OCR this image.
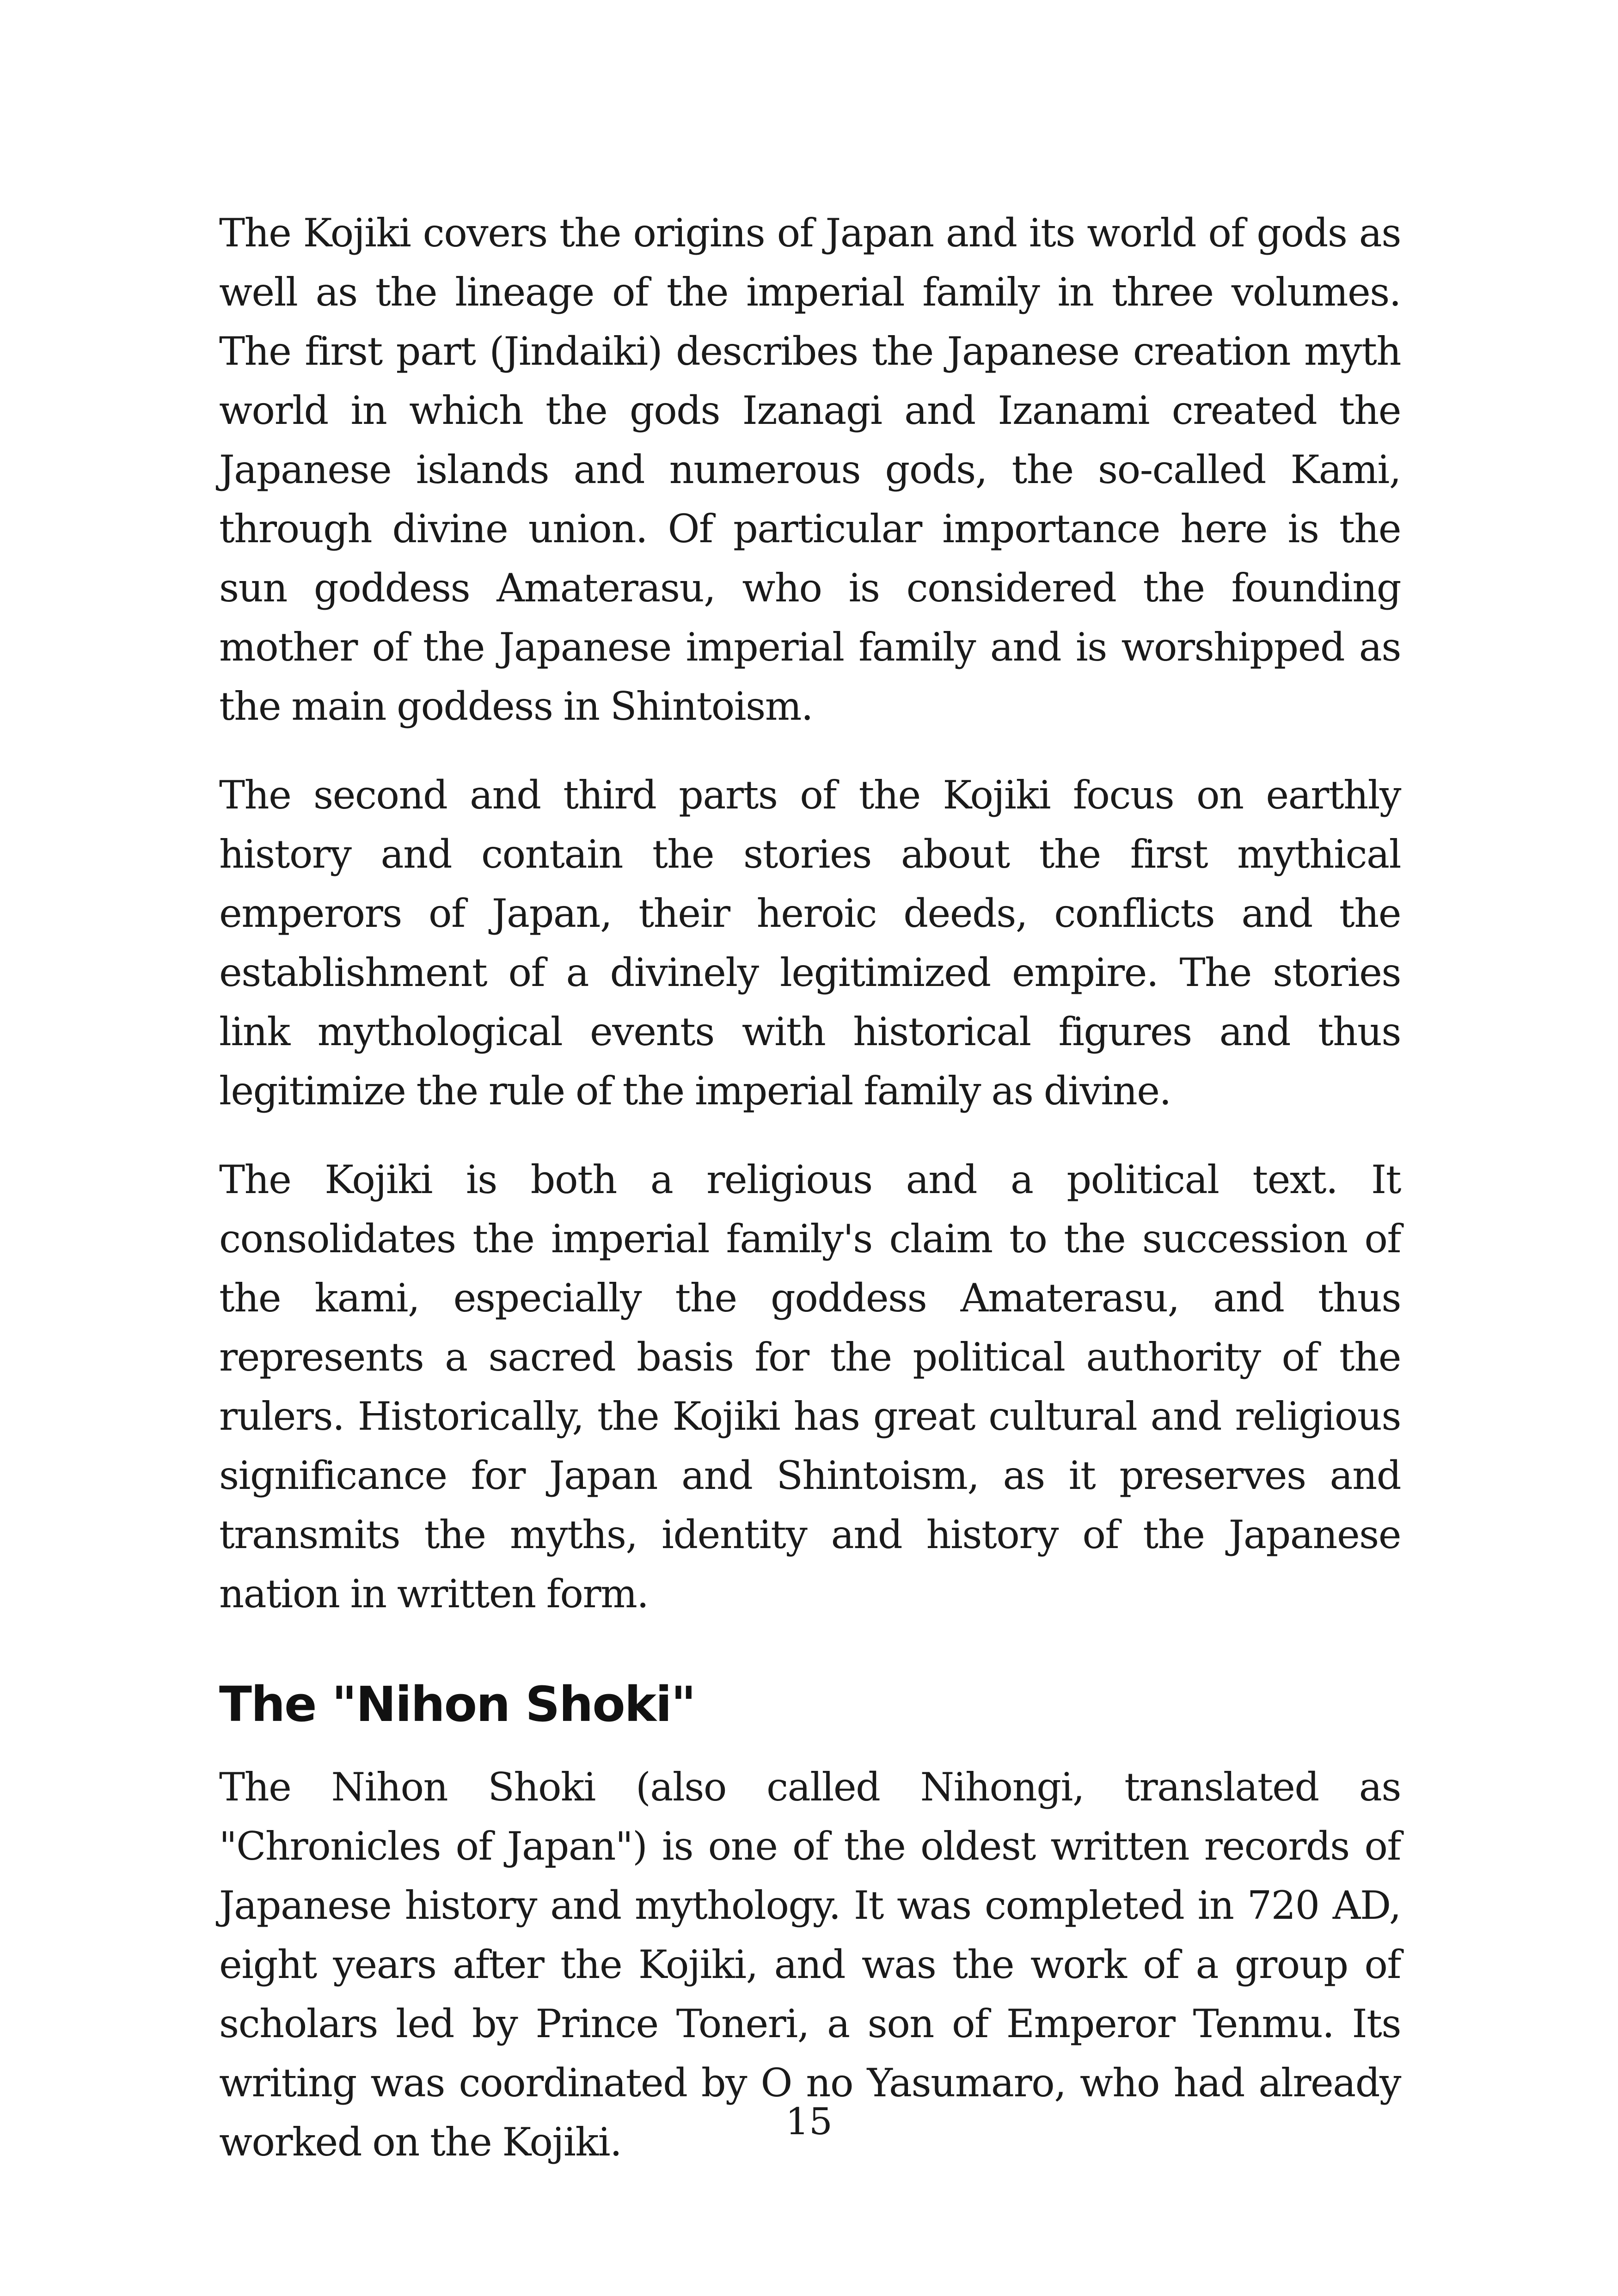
The Kojiki covers the origins of Japan and its world of gods as well as the lineage of the imperial family in three volumes. The first part (Jindaiki) describes the Japanese creation myth world in which the gods Izanagi and Izanami created the Japanese islands and numerous gods, the so-called Kami, through divine union. Of particular importance here is the sun goddess Amaterasu, who is considered the founding mother of the Japanese imperial family and is worshipped as the main goddess in Shintoism.

The second and third parts of the Kojiki focus on earthly history and contain the stories about the first mythical emperors of Japan, their heroic deeds, conflicts and the establishment of a divinely legitimized empire. The stories link mythological events with historical figures and thus legitimize the rule of the imperial family as divine.

The Kojiki is both a religious and a political text. It consolidates the imperial family's claim to the succession of the kami, especially the goddess Amaterasu, and thus represents a sacred basis for the political authority of the rulers. Historically, the Kojiki has great cultural and religious significance for Japan and Shintoism, as it preserves and transmits the myths, identity and history of the Japanese nation in written form.

The "Nihon Shoki"

The Nihon Shoki (also called Nihongi, translated as "Chronicles of Japan") is one of the oldest written records of Japanese history and mythology. It was completed in 720 AD, eight years after the Kojiki, and was the work of a group of scholars led by Prince Toneri, a son of Emperor Tenmu. Its writing was coordinated by O no Yasumaro, who had already worked on the Kojiki.	15
